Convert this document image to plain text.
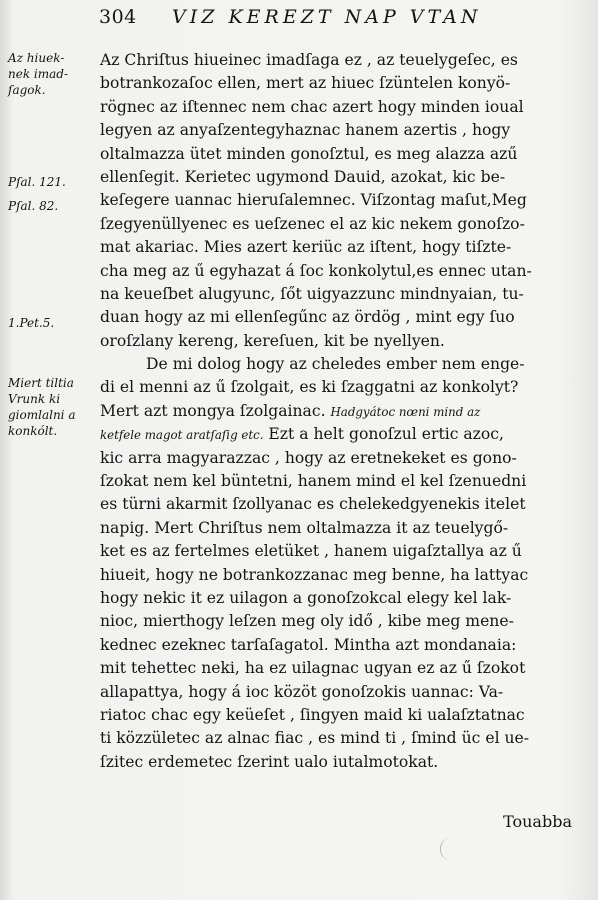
304 VIZ KEREZT NAP VTAN
Az hiuek-
nek imad-
ſagok.
Pſal. 121.
Pſal. 82.
1.Pet.5.
Miert tiltia
Vrunk ki
giomlalni a
konkólt.
Az Chriſtus hiueinec imadſaga ez , az teuelygeſec, es
botrankozaſoc ellen, mert az hiuec ſzüntelen konyö-
rögnec az iſtennec nem chac azert hogy minden ioual
legyen az anyaſzentegyhaznac hanem azertis , hogy
oltalmazza ütet minden gonoſztul, es meg alazza azű
ellenſegit. Kerietec ugymond Dauid, azokat, kic be-
keſegere uannac hieruſalemnec. Viſzontag maſut,Meg
ſzegyenüllyenec es ueſzenec el az kic nekem gonoſzo-
mat akariac. Mies azert keriüc az iſtent, hogy tiſzte-
cha meg az ű egyhazat á ſoc konkolytul,es ennec utan-
na keueſbet alugyunc, ſőt uigyazzunc mindnyaian, tu-
duan hogy az mi ellenſegűnc az ördög , mint egy ſuo
oroſzlany kereng, kereſuen, kit be nyellyen.
De mi dolog hogy az cheledes ember nem enge-
di el menni az ű ſzolgait, es ki ſzaggatni az konkolyt?
Mert azt mongya ſzolgainac. Hadgyátoc nœni mind az
ketfele magot aratſaſig etc. Ezt a helt gonoſzul ertic azoc,
kic arra magyarazzac , hogy az eretnekeket es gono-
ſzokat nem kel büntetni, hanem mind el kel ſzenuedni
es türni akarmit ſzollyanac es chelekedgyenekis itelet
napig. Mert Chriſtus nem oltalmazza it az teuelygő-
ket es az fertelmes eletüket , hanem uigaſztallya az ű
hiueit, hogy ne botrankozzanac meg benne, ha lattyac
hogy nekic it ez uilagon a gonoſzokcal elegy kel lak-
nioc, mierthogy leſzen meg oly idő , kibe meg mene-
kednec ezeknec tarſaſagatol. Mintha azt mondanaia:
mit tehettec neki, ha ez uilagnac ugyan ez az ű ſzokot
allapattya, hogy á ioc közöt gonoſzokis uannac: Va-
riatoc chac egy keüeſet , ſingyen maid ki ualaſztatnac
ti közzületec az alnac fiac , es mind ti , ſmind üc el ue-
ſzitec erdemetec ſzerint ualo iutalmotokat.
Touabba
